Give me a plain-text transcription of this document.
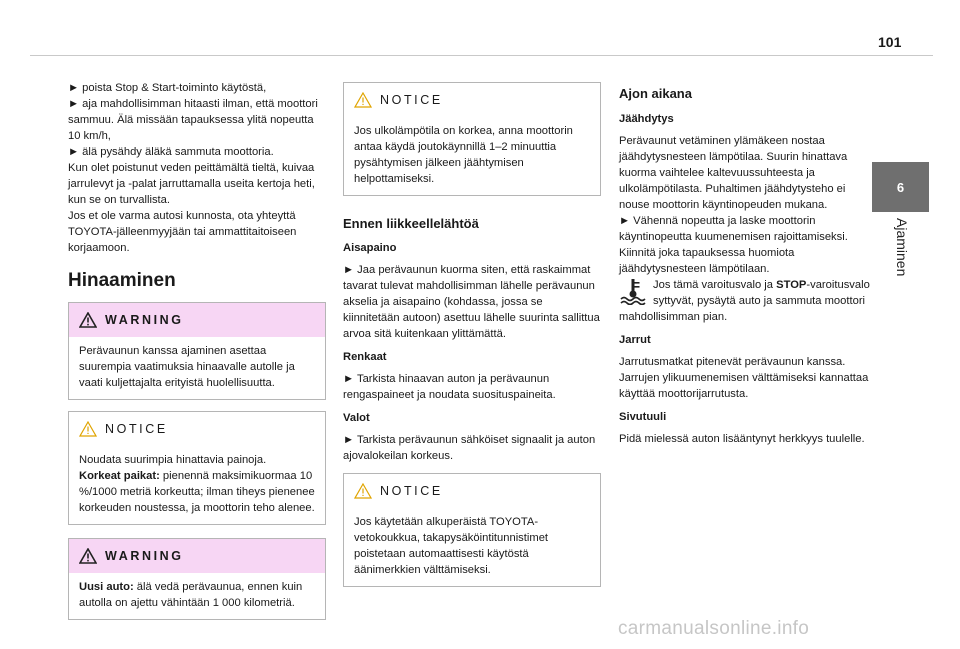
101
6
Ajaminen

► poista Stop & Start-toiminto käytöstä,

► aja mahdollisimman hitaasti ilman, että moottori sammuu. Älä missään tapauksessa ylitä nopeutta 10 km/h,

► älä pysähdy äläkä sammuta moottoria.

Kun olet poistunut veden peittämältä tieltä, kuivaa jarrulevyt ja -palat jarruttamalla useita kertoja heti, kun se on turvallista.

Jos et ole varma autosi kunnosta, ota yhteyttä TOYOTA-jälleenmyyjään tai ammattitaitoiseen korjaamoon.

Hinaaminen
WARNING

Perävaunun kanssa ajaminen asettaa suurempia vaatimuksia hinaavalle autolle ja vaati kuljettajalta erityistä huolellisuutta.

NOTICE

Noudata suurimpia hinattavia painoja.

Korkeat paikat: pienennä maksimikuormaa 10 %/1000 metriä korkeutta; ilman tiheys pienenee korkeuden noustessa, ja moottorin teho alenee.

WARNING

Uusi auto: älä vedä perävaunua, ennen kuin autolla on ajettu vähintään 1 000 kilometriä.

NOTICE

Jos ulkolämpötila on korkea, anna moottorin antaa käydä joutokäynnillä 1–2 minuuttia pysähtymisen jälkeen jäähtymisen helpottamiseksi.

Ennen liikkeellelähtöä
Aisapaino

► Jaa perävaunun kuorma siten, että raskaimmat tavarat tulevat mahdollisimman lähelle perävaunun akselia ja aisapaino (kohdassa, jossa se kiinnitetään autoon) asettuu lähelle suurinta sallittua arvoa sitä kuitenkaan ylittämättä.

Renkaat

► Tarkista hinaavan auton ja perävaunun rengaspaineet ja noudata suosituspaineita.

Valot

► Tarkista perävaunun sähköiset signaalit ja auton ajovalokeilan korkeus.

NOTICE

Jos käytetään alkuperäistä TOYOTA-vetokoukkua, takapysäköintitunnistimet poistetaan automaattisesti käytöstä äänimerkkien välttämiseksi.

Ajon aikana
Jäähdytys

Perävaunut vetäminen ylämäkeen nostaa jäähdytysnesteen lämpötilaa. Suurin hinattava kuorma vaihtelee kaltevuussuhteesta ja ulkolämpötilasta. Puhaltimen jäähdytysteho ei nouse moottorin käyntinopeuden mukana.

► Vähennä nopeutta ja laske moottorin käyntinopeutta kuumenemisen rajoittamiseksi.

Kiinnitä joka tapauksessa huomiota jäähdytysnesteen lämpötilaan.

Jos tämä varoitusvalo ja STOP-varoitusvalo syttyvät, pysäytä auto ja sammuta moottori mahdollisimman pian.

Jarrut

Jarrutusmatkat pitenevät perävaunun kanssa. Jarrujen ylikuumenemisen välttämiseksi kannattaa käyttää moottorijarrutusta.

Sivutuuli

Pidä mielessä auton lisääntynyt herkkyys tuulelle.

carmanualsonline.info
